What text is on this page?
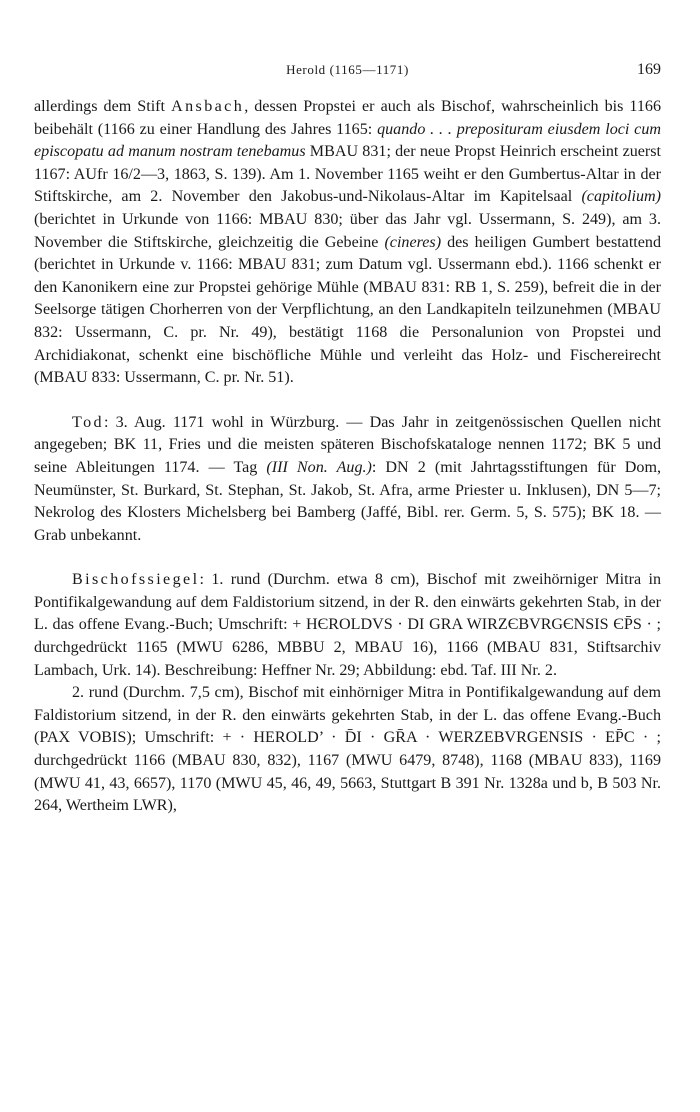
Herold (1165—1171)	169

allerdings dem Stift Ansbach, dessen Propstei er auch als Bischof, wahrscheinlich bis 1166 beibehält (1166 zu einer Handlung des Jahres 1165: quando . . . preposituram eiusdem loci cum episcopatu ad manum nostram tenebamus MBAU 831; der neue Propst Heinrich erscheint zuerst 1167: AUfr 16/2—3, 1863, S. 139). Am 1. November 1165 weiht er den Gumbertus-Altar in der Stiftskirche, am 2. November den Jakobus-und-Nikolaus-Altar im Kapitelsaal (capitolium) (berichtet in Urkunde von 1166: MBAU 830; über das Jahr vgl. Ussermann, S. 249), am 3. November die Stiftskirche, gleichzeitig die Gebeine (cineres) des heiligen Gumbert bestattend (berichtet in Urkunde v. 1166: MBAU 831; zum Datum vgl. Ussermann ebd.). 1166 schenkt er den Kanonikern eine zur Propstei gehörige Mühle (MBAU 831: RB 1, S. 259), befreit die in der Seelsorge tätigen Chorherren von der Verpflichtung, an den Landkapiteln teilzunehmen (MBAU 832: Ussermann, C. pr. Nr. 49), bestätigt 1168 die Personalunion von Propstei und Archidiakonat, schenkt eine bischöfliche Mühle und verleiht das Holz- und Fischereirecht (MBAU 833: Ussermann, C. pr. Nr. 51).

Tod: 3. Aug. 1171 wohl in Würzburg. — Das Jahr in zeitgenössischen Quellen nicht angegeben; BK 11, Fries und die meisten späteren Bischofskataloge nennen 1172; BK 5 und seine Ableitungen 1174. — Tag (III Non. Aug.): DN 2 (mit Jahrtagsstiftungen für Dom, Neumünster, St. Burkard, St. Stephan, St. Jakob, St. Afra, arme Priester u. Inklusen), DN 5—7; Nekrolog des Klosters Michelsberg bei Bamberg (Jaffé, Bibl. rer. Germ. 5, S. 575); BK 18. — Grab unbekannt.

Bischofssiegel: 1. rund (Durchm. etwa 8 cm), Bischof mit zweihörniger Mitra in Pontifikalgewandung auf dem Faldistorium sitzend, in der R. den einwärts gekehrten Stab, in der L. das offene Evang.-Buch; Umschrift: + HЄROLDVS · DI GRA WIRZЄBVRGЄNSIS ЄP̄S · ; durchgedrückt 1165 (MWU 6286, MBBU 2, MBAU 16), 1166 (MBAU 831, Stiftsarchiv Lambach, Urk. 14). Beschreibung: Heffner Nr. 29; Abbildung: ebd. Taf. III Nr. 2.

2. rund (Durchm. 7,5 cm), Bischof mit einhörniger Mitra in Pontifikalgewandung auf dem Faldistorium sitzend, in der R. den einwärts gekehrten Stab, in der L. das offene Evang.-Buch (PAX VOBIS); Umschrift: + · HEROLD’ · D̄I · GR̄A · WERZEBVRGENSIS · EP̄C · ; durchgedrückt 1166 (MBAU 830, 832), 1167 (MWU 6479, 8748), 1168 (MBAU 833), 1169 (MWU 41, 43, 6657), 1170 (MWU 45, 46, 49, 5663, Stuttgart B 391 Nr. 1328a und b, B 503 Nr. 264, Wertheim LWR),
